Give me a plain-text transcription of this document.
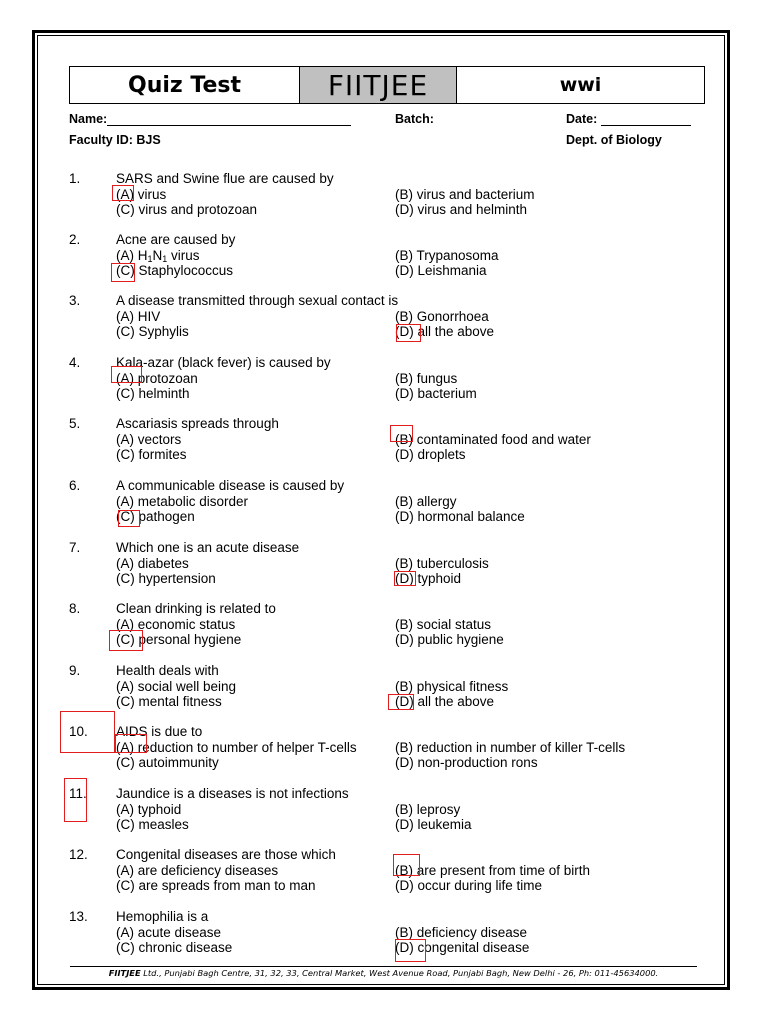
Quiz Test	FIITJEE	wwi
Name:	Batch:	Date:
Faculty ID: BJS	Dept. of Biology
1.	SARS and Swine flue are caused by
(A) virus	(B) virus and bacterium
(C) virus and protozoan	(D) virus and helminth
2.	Acne are caused by
(A) $H_1N_1$ virus	(B) Trypanosoma
(C) Staphylococcus	(D) Leishmania
3.	A disease transmitted through sexual contact is
(A) HIV	(B) Gonorrhoea
(C) Syphylis	(D) all the above
4.	Kala-azar (black fever) is caused by
(A) protozoan	(B) fungus
(C) helminth	(D) bacterium
5.	Ascariasis spreads through
(A) vectors	(B) contaminated food and water
(C) formites	(D) droplets
6.	A communicable disease is caused by
(A) metabolic disorder	(B) allergy
(C) pathogen	(D) hormonal balance
7.	Which one is an acute disease
(A) diabetes	(B) tuberculosis
(C) hypertension	(D) typhoid
8.	Clean drinking is related to
(A) economic status	(B) social status
(C) personal hygiene	(D) public hygiene
9.	Health deals with
(A) social well being	(B) physical fitness
(C) mental fitness	(D) all the above
10. AIDS is due to
(A) reduction to number of helper T-cells	(B) reduction in number of killer T-cells
(C) autoimmunity	(D) non-production rons
11. Jaundice is a diseases is not infections
(A) typhoid	(B) leprosy
(C) measles	(D) leukemia
12. Congenital diseases are those which
(A) are deficiency diseases	(B) are present from time of birth
(C) are spreads from man to man	(D) occur during life time
13. Hemophilia is a
(A) acute disease	(B) deficiency disease
(C) chronic disease	(D) congenital disease
FIITJEE Ltd., Punjabi Bagh Centre, 31, 32, 33, Central Market, West Avenue Road, Punjabi Bagh, New Delhi - 26, Ph: 011-45634000.
